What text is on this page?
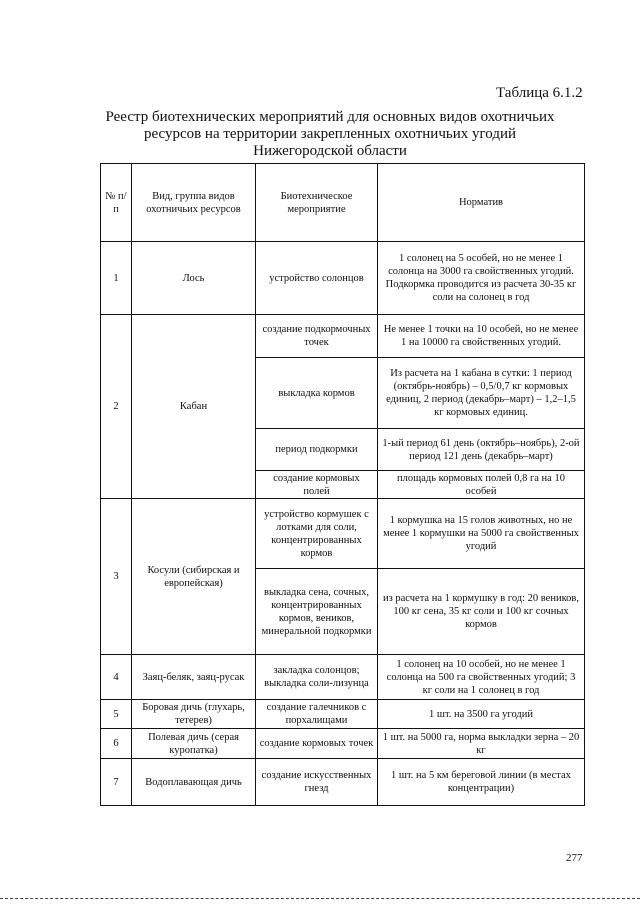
Таблица 6.1.2
Реестр биотехнических мероприятий для основных видов охотничьих ресурсов на территории закрепленных охотничьих угодий Нижегородской области
№ п/п	Вид, группа видов охотничьих ресурсов	Биотехническое мероприятие	Норматив
1	Лось	устройство солонцов	1 солонец на 5 особей, но не менее 1 солонца на 3000 га свойственных угодий. Подкормка проводится из расчета 30-35 кг соли на солонец в год
2	Кабан	создание подкормочных точек	Не менее 1 точки на 10 особей, но не менее 1 на 10000 га свойственных угодий.
		выкладка кормов	Из расчета на 1 кабана в сутки: 1 период (октябрь-ноябрь) – 0,5/0,7 кг кормовых единиц, 2 период (декабрь–март) – 1,2–1,5 кг кормовых единиц.
		период подкормки	1-ый период 61 день (октябрь–ноябрь), 2-ой период 121 день (декабрь–март)
		создание кормовых полей	площадь кормовых полей 0,8 га на 10 особей
3	Косули (сибирская и европейская)	устройство кормушек с лотками для соли, концентрированных кормов	1 кормушка на 15 голов животных, но не менее 1 кормушки на 5000 га свойственных угодий
		выкладка сена, сочных, концентрированных кормов, веников, минеральной подкормки	из расчета на 1 кормушку в год: 20 веников, 100 кг сена, 35 кг соли и 100 кг сочных кормов
4	Заяц-беляк, заяц-русак	закладка солонцов; выкладка соли-лизунца	1 солонец на 10 особей, но не менее 1 солонца на 500 га свойственных угодий; 3 кг соли на 1 солонец в год
5	Боровая дичь (глухарь, тетерев)	создание галечников с порхалищами	1 шт. на 3500 га угодий
6	Полевая дичь (серая куропатка)	создание кормовых точек	1 шт. на 5000 га, норма выкладки зерна – 20 кг
7	Водоплавающая дичь	создание искусственных гнезд	1 шт. на 5 км береговой линии (в местах концентрации)
277
